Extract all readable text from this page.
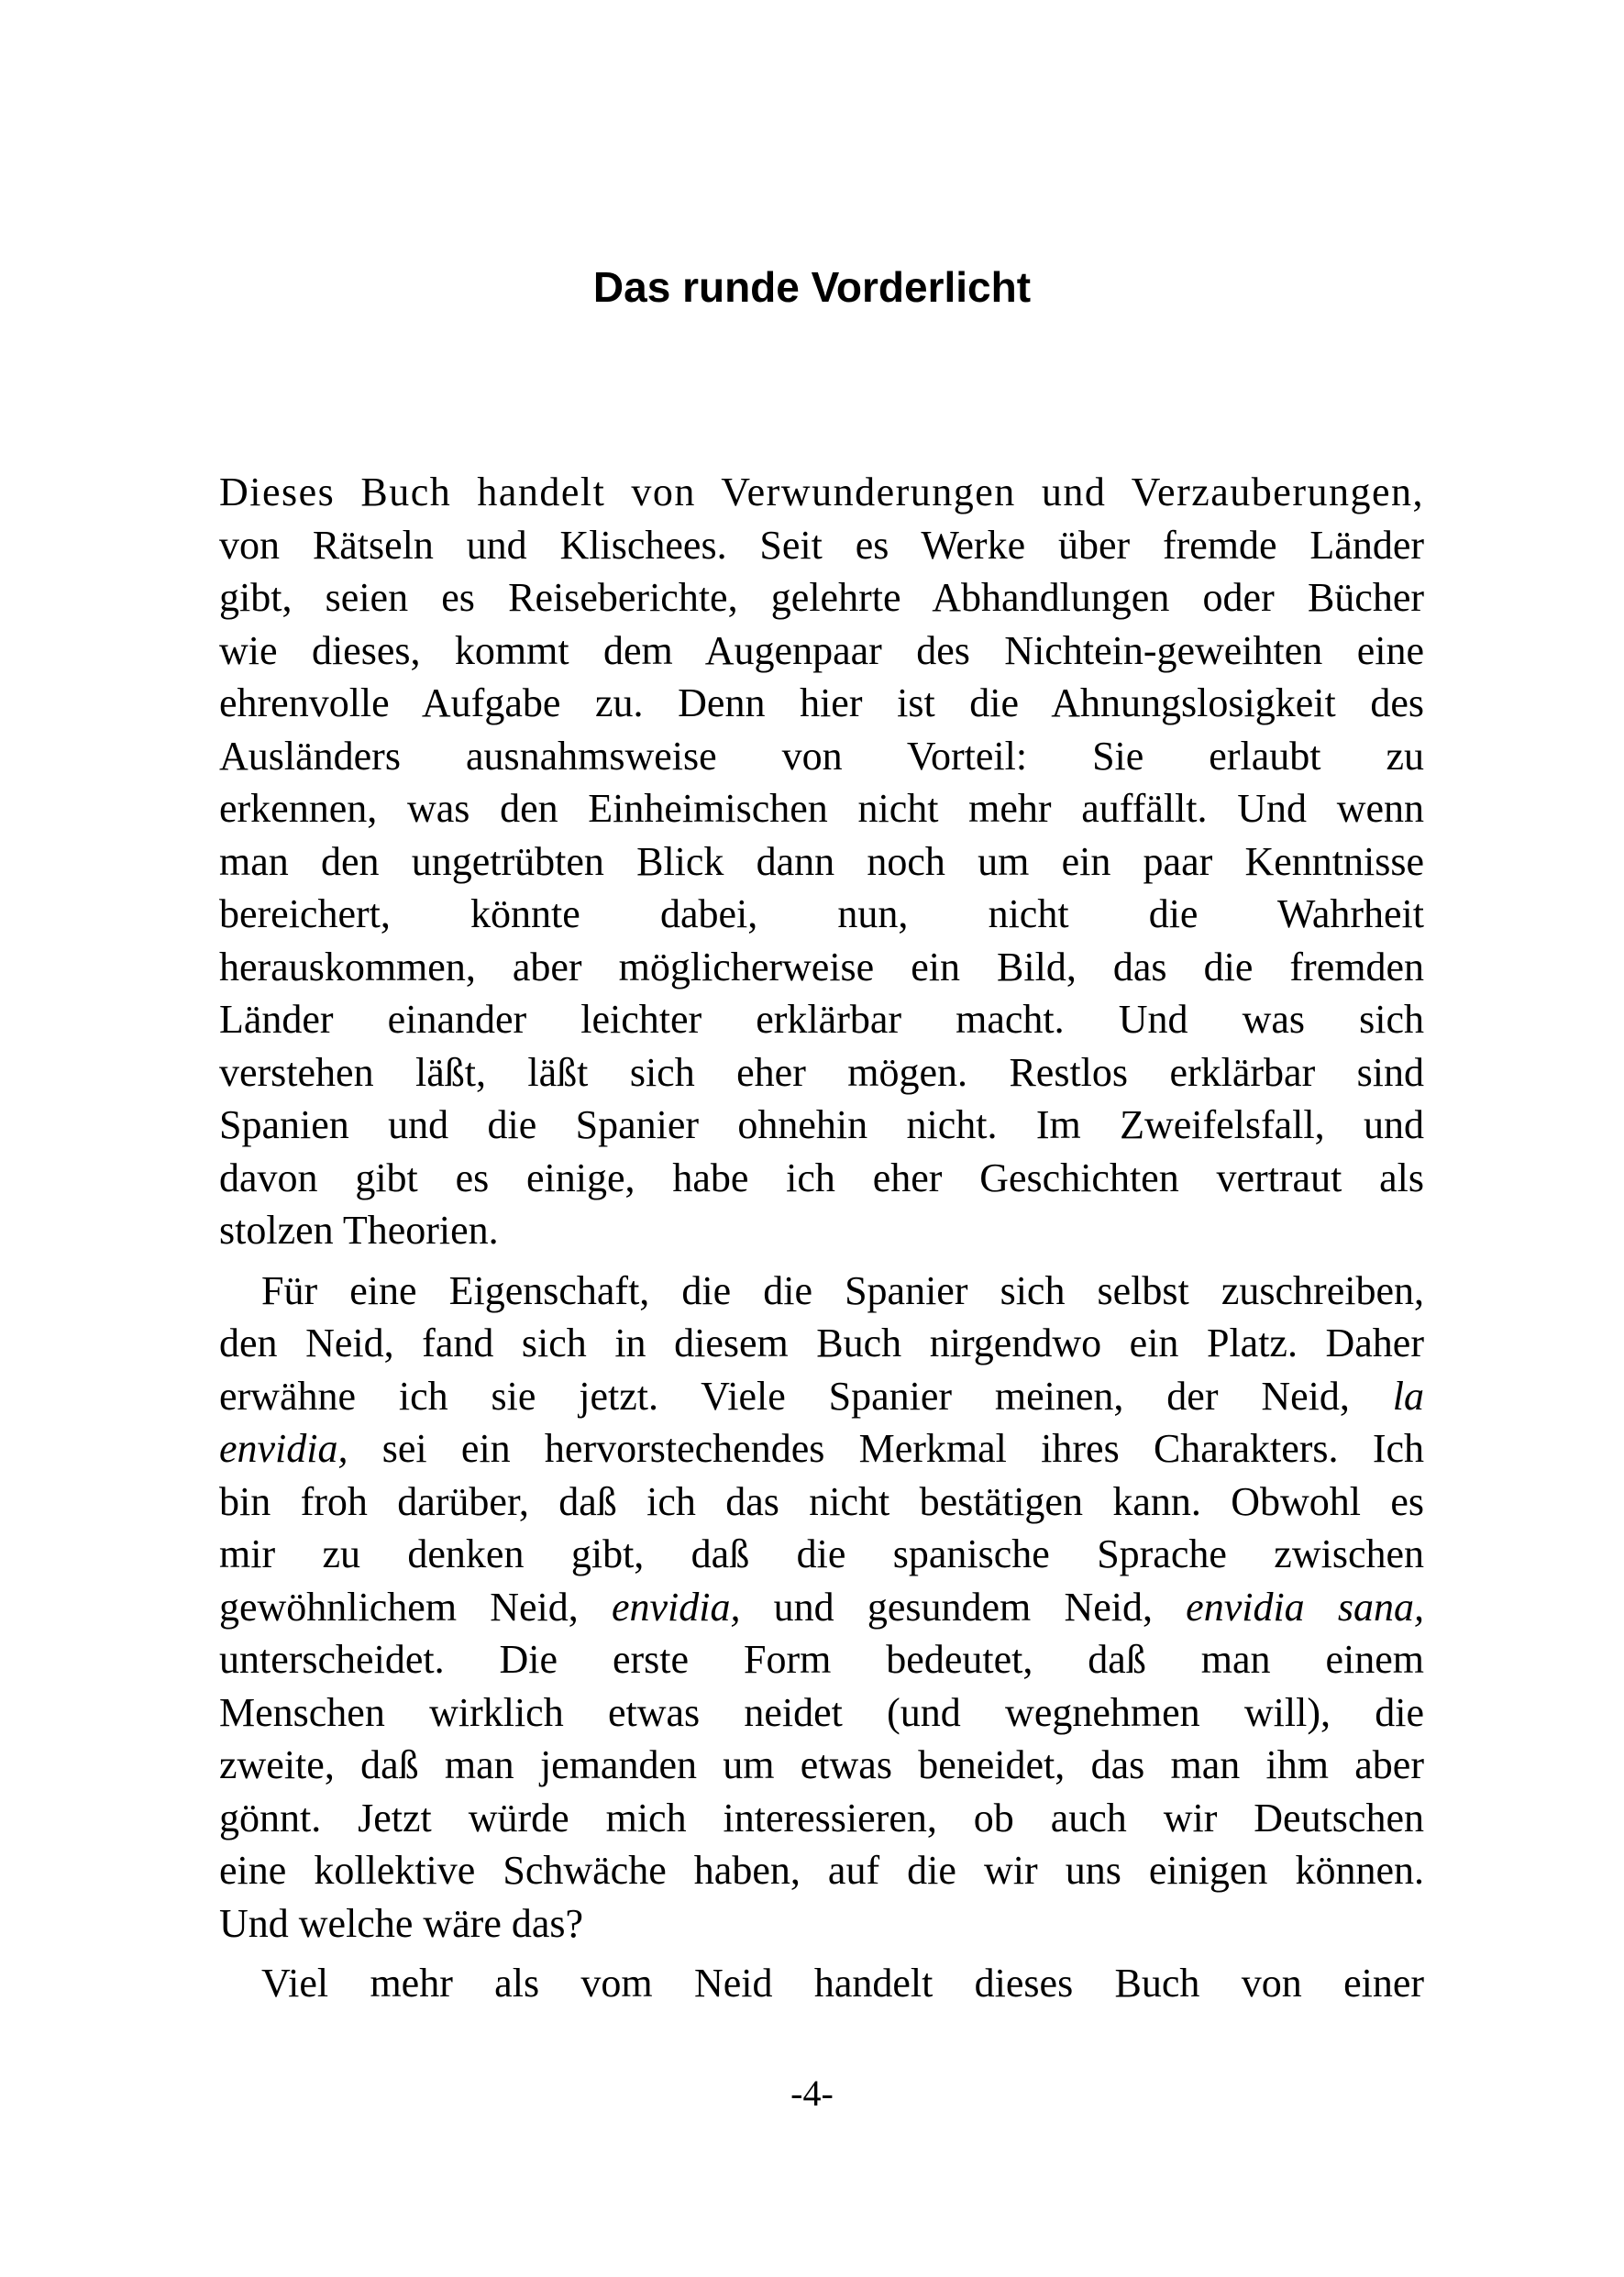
Das runde Vorderlicht
Dieses Buch handelt von Verwunderungen und Verzauberungen,
von Rätseln und Klischees. Seit es Werke über fremde Länder
gibt, seien es Reiseberichte, gelehrte Abhandlungen oder Bücher
wie dieses, kommt dem Augenpaar des Nichtein-geweihten eine
ehrenvolle Aufgabe zu. Denn hier ist die Ahnungslosigkeit des
Ausländers ausnahmsweise von Vorteil: Sie erlaubt zu
erkennen, was den Einheimischen nicht mehr auffällt. Und wenn
man den ungetrübten Blick dann noch um ein paar Kenntnisse
bereichert, könnte dabei, nun, nicht die Wahrheit
herauskommen, aber möglicherweise ein Bild, das die fremden
Länder einander leichter erklärbar macht. Und was sich
verstehen läßt, läßt sich eher mögen. Restlos erklärbar sind
Spanien und die Spanier ohnehin nicht. Im Zweifelsfall, und
davon gibt es einige, habe ich eher Geschichten vertraut als
stolzen Theorien.
Für eine Eigenschaft, die die Spanier sich selbst zuschreiben,
den Neid, fand sich in diesem Buch nirgendwo ein Platz. Daher
erwähne ich sie jetzt. Viele Spanier meinen, der Neid, la
envidia, sei ein hervorstechendes Merkmal ihres Charakters. Ich
bin froh darüber, daß ich das nicht bestätigen kann. Obwohl es
mir zu denken gibt, daß die spanische Sprache zwischen
gewöhnlichem Neid, envidia, und gesundem Neid, envidia sana,
unterscheidet. Die erste Form bedeutet, daß man einem
Menschen wirklich etwas neidet (und wegnehmen will), die
zweite, daß man jemanden um etwas beneidet, das man ihm aber
gönnt. Jetzt würde mich interessieren, ob auch wir Deutschen
eine kollektive Schwäche haben, auf die wir uns einigen können.
Und welche wäre das?
Viel mehr als vom Neid handelt dieses Buch von einer
-4-
